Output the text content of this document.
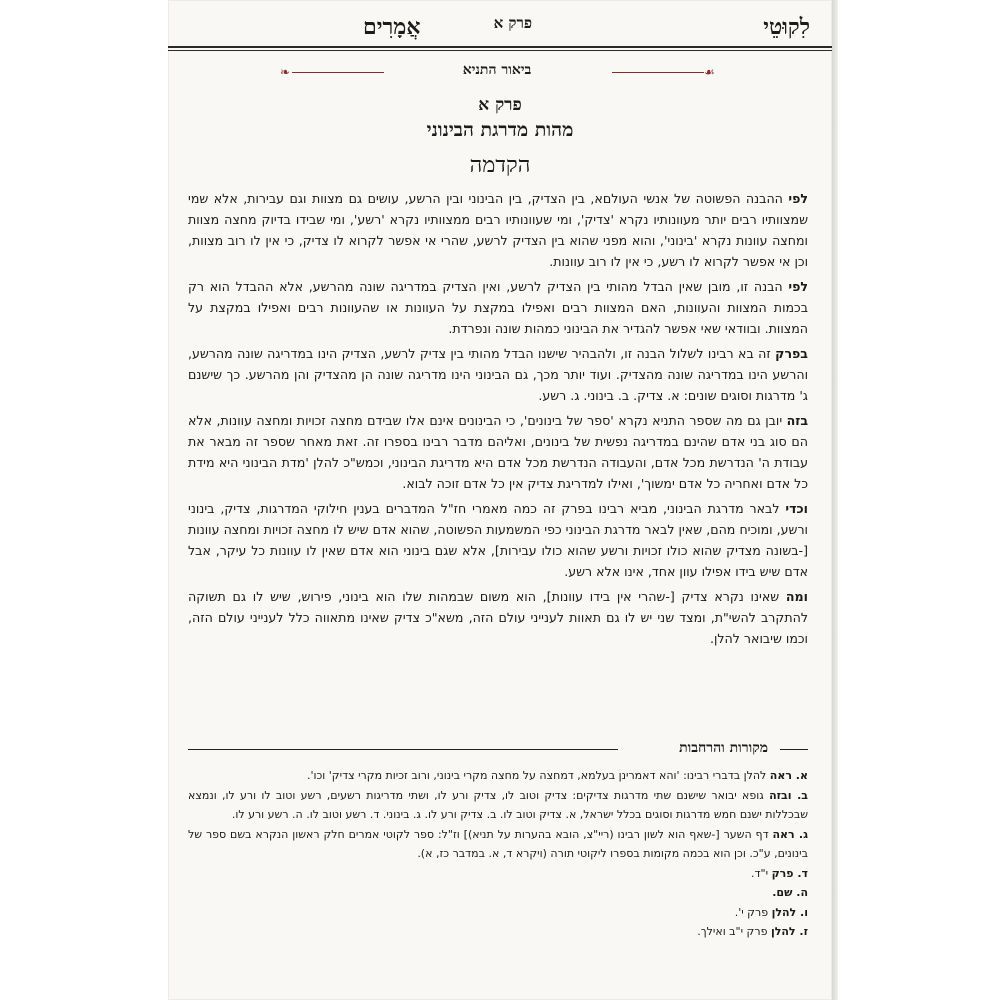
לִקוּטֵי
פרק א
אֲמָרִים
❧	ביאור התניא	☙
פרק א
מהות מדרגת הבינוני
הקדמה

לפי ההבנה הפשוטה של אנשי העולםא, בין הצדיק, בין הבינוני ובין הרשע, עושים גם מצוות וגם עבירות, אלא שמי שמצוותיו רבים יותר מעוונותיו נקרא 'צדיק', ומי שעוונותיו רבים ממצוותיו נקרא 'רשע', ומי שבידו בדיוק מחצה מצוות ומחצה עוונות נקרא 'בינוני', והוא מפני שהוא בין הצדיק לרשע, שהרי אי אפשר לקרוא לו צדיק, כי אין לו רוב מצוות, וכן אי אפשר לקרוא לו רשע, כי אין לו רוב עוונות.

לפי הבנה זו, מובן שאין הבדל מהותי בין הצדיק לרשע, ואין הצדיק במדריגה שונה מהרשע, אלא ההבדל הוא רק בכמות המצוות והעוונות, האם המצוות רבים ואפילו במקצת על העוונות או שהעוונות רבים ואפילו במקצת על המצוות. ובוודאי שאי אפשר להגדיר את הבינוני כמהות שונה ונפרדת.

בפרק זה בא רבינו לשלול הבנה זו, ולהבהיר שישנו הבדל מהותי בין צדיק לרשע, הצדיק הינו במדריגה שונה מהרשע, והרשע הינו במדריגה שונה מהצדיק. ועוד יותר מכך, גם הבינוני הינו מדריגה שונה הן מהצדיק והן מהרשע. כך שישנם ג' מדרגות וסוגים שונים: א. צדיק. ב. בינוני. ג. רשע.

בזה יובן גם מה שספר התניא נקרא 'ספר של בינונים', כי הבינונים אינם אלו שבידם מחצה זכויות ומחצה עוונות, אלא הם סוג בני אדם שהינם במדריגה נפשית של בינונים, ואליהם מדבר רבינו בספרו זה. זאת מאחר שספר זה מבאר את עבודת ה' הנדרשת מכל אדם, והעבודה הנדרשת מכל אדם היא מדריגת הבינוני, וכמש"כ להלן 'מדת הבינוני היא מידת כל אדם ואחריה כל אדם ימשוך', ואילו למדריגת צדיק אין כל אדם זוכה לבוא.

וכדי לבאר מדרגת הבינוני, מביא רבינו בפרק זה כמה מאמרי חז"ל המדברים בענין חילוקי המדרגות, צדיק, בינוני ורשע, ומוכיח מהם, שאין לבאר מדרגת הבינוני כפי המשמעות הפשוטה, שהוא אדם שיש לו מחצה זכויות ומחצה עוונות [-בשונה מצדיק שהוא כולו זכויות ורשע שהוא כולו עבירות], אלא שגם בינוני הוא אדם שאין לו עוונות כל עיקר, אבל אדם שיש בידו אפילו עוון אחד, אינו אלא רשע.

ומה שאינו נקרא צדיק [-שהרי אין בידו עוונות], הוא משום שבמהות שלו הוא בינוני, פירוש, שיש לו גם תשוקה להתקרב להשי"ת, ומצד שני יש לו גם תאוות לענייני עולם הזה, משא"כ צדיק שאינו מתאווה כלל לענייני עולם הזה, וכמו שיבואר להלן.

מקורות והרחבות

א. ראה להלן בדברי רבינו: 'והא דאמרינן בעלמא, דמחצה על מחצה מקרי בינוני, ורוב זכיות מקרי צדיק' וכו'.

ב. ובזה גופא יבואר שישנם שתי מדרגות צדיקים: צדיק וטוב לו, צדיק ורע לו, ושתי מדריגות רשעים, רשע וטוב לו ורע לו, ונמצא שבכללות ישנם חמש מדרגות וסוגים בכלל ישראל, א. צדיק וטוב לו. ב. צדיק ורע לו. ג. בינוני. ד. רשע וטוב לו. ה. רשע ורע לו.

ג. ראה דף השער [-שאף הוא לשון רבינו (ריי"צ, הובא בהערות על תניא)] וז"ל: ספר לקוטי אמרים חלק ראשון הנקרא בשם ספר של בינונים, ע"כ. וכן הוא בכמה מקומות בספרו ליקוטי תורה (ויקרא ד, א. במדבר כז, א).

ד. פרק י"ד.

ה. שם.

ו. להלן פרק י'.

ז. להלן פרק י"ב ואילך.
